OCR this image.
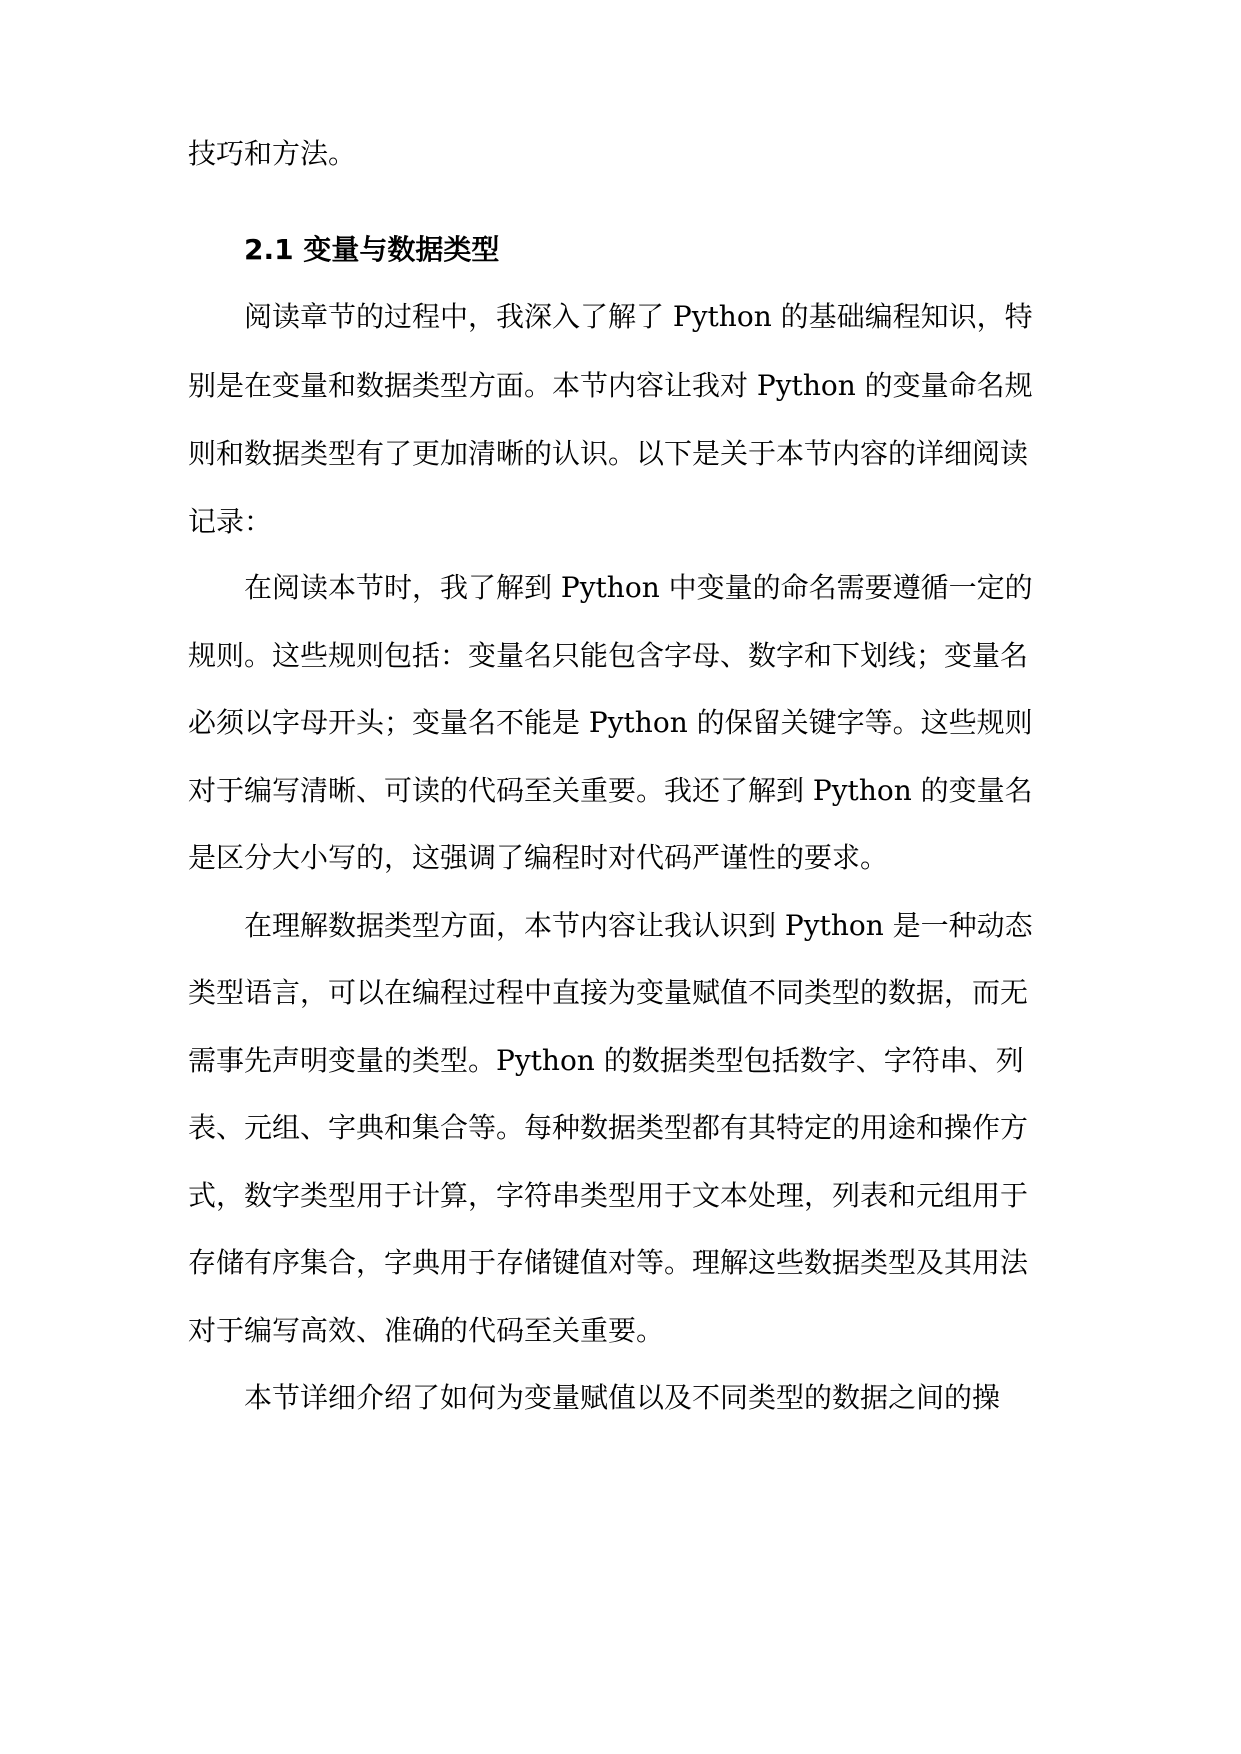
技巧和方法。

2.1 变量与数据类型

阅读章节的过程中，我深入了解了 Python 的基础编程知识，特

别是在变量和数据类型方面。本节内容让我对 Python 的变量命名规

则和数据类型有了更加清晰的认识。以下是关于本节内容的详细阅读

记录：

在阅读本节时，我了解到 Python 中变量的命名需要遵循一定的

规则。这些规则包括：变量名只能包含字母、数字和下划线；变量名

必须以字母开头；变量名不能是 Python 的保留关键字等。这些规则

对于编写清晰、可读的代码至关重要。我还了解到 Python 的变量名

是区分大小写的，这强调了编程时对代码严谨性的要求。

在理解数据类型方面，本节内容让我认识到 Python 是一种动态

类型语言，可以在编程过程中直接为变量赋值不同类型的数据，而无

需事先声明变量的类型。Python 的数据类型包括数字、字符串、列

表、元组、字典和集合等。每种数据类型都有其特定的用途和操作方

式，数字类型用于计算，字符串类型用于文本处理，列表和元组用于

存储有序集合，字典用于存储键值对等。理解这些数据类型及其用法

对于编写高效、准确的代码至关重要。

本节详细介绍了如何为变量赋值以及不同类型的数据之间的操
